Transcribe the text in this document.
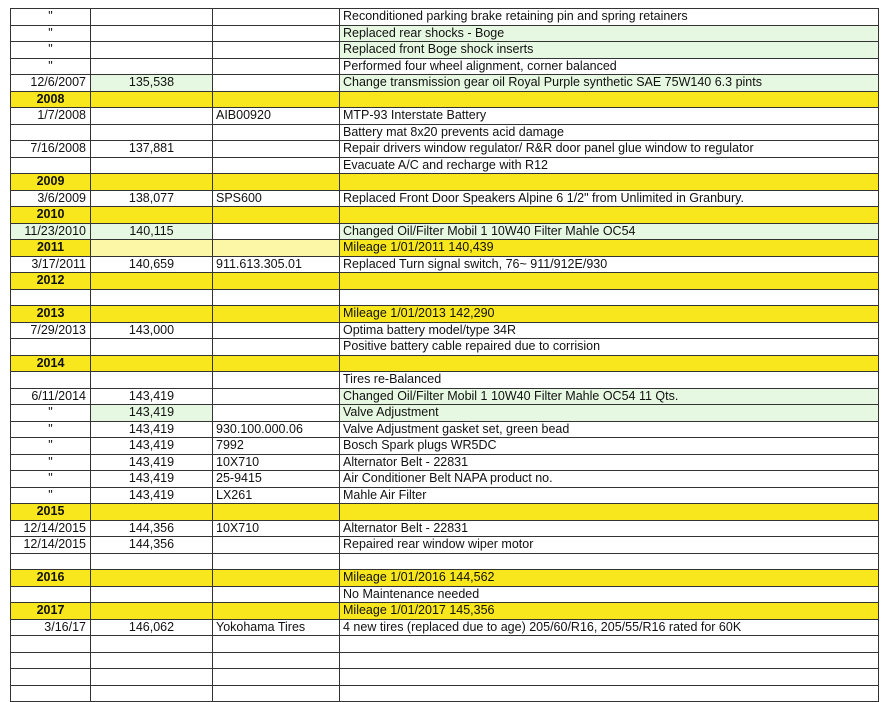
"			Reconditioned parking brake retaining pin and spring retainers
"			Replaced rear shocks - Boge
"			Replaced front Boge shock inserts
"			Performed four wheel alignment, corner balanced
12/6/2007	135,538		Change transmission gear oil Royal Purple synthetic SAE 75W140 6.3 pints
2008			
1/7/2008		AIB00920	MTP-93 Interstate Battery
			Battery mat 8x20 prevents acid damage
7/16/2008	137,881		Repair drivers window regulator/ R&R door panel glue window to regulator
			Evacuate A/C and recharge with R12
2009			
3/6/2009	138,077	SPS600	Replaced Front Door Speakers Alpine 6 1/2" from Unlimited in Granbury.
2010			
11/23/2010	140,115		Changed Oil/Filter Mobil 1 10W40 Filter Mahle OC54
2011			Mileage 1/01/2011 140,439
3/17/2011	140,659	911.613.305.01	Replaced Turn signal switch, 76~ 911/912E/930
2012			

2013			Mileage 1/01/2013 142,290
7/29/2013	143,000		Optima battery model/type 34R
			Positive battery cable repaired due to corrision
2014			
			Tires re-Balanced
6/11/2014	143,419		Changed Oil/Filter Mobil 1 10W40 Filter Mahle OC54 11 Qts.
"	143,419		Valve Adjustment
"	143,419	930.100.000.06	Valve Adjustment gasket set, green bead
"	143,419	7992	Bosch Spark plugs WR5DC
"	143,419	10X710	Alternator Belt - 22831
"	143,419	25-9415	Air Conditioner Belt NAPA product no.
"	143,419	LX261	Mahle Air Filter
2015			
12/14/2015	144,356	10X710	Alternator Belt - 22831
12/14/2015	144,356		Repaired rear window wiper motor

2016			Mileage 1/01/2016 144,562
			No Maintenance needed
2017			Mileage 1/01/2017 145,356
3/16/17	146,062	Yokohama Tires	4 new tires (replaced due to age) 205/60/R16, 205/55/R16 rated for 60K
